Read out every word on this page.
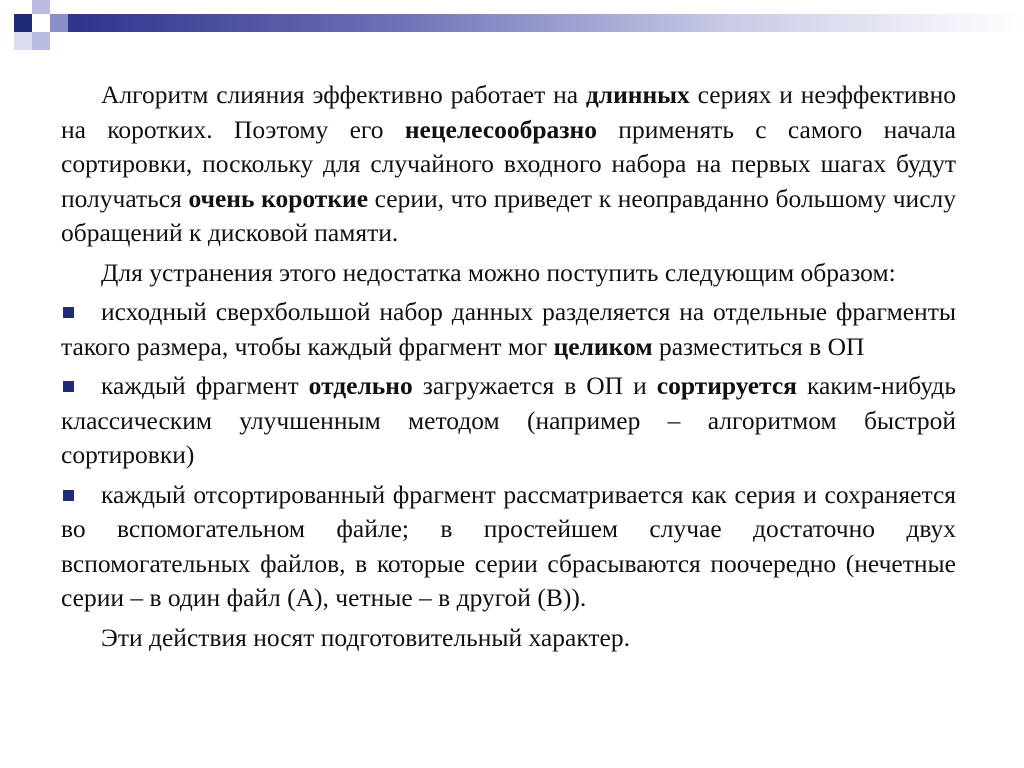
Алгоритм слияния эффективно работает на длинных сериях и неэффективно на коротких. Поэтому его нецелесообразно применять с самого начала сортировки, поскольку для случайного входного набора на первых шагах будут получаться очень короткие серии, что приведет к неоправданно большому числу обращений к дисковой памяти.

Для устранения этого недостатка можно поступить следующим образом:

исходный сверхбольшой набор данных разделяется на отдельные фрагменты такого размера, чтобы каждый фрагмент мог целиком разместиться в ОП

каждый фрагмент отдельно загружается в ОП и сортируется каким-нибудь классическим улучшенным методом (например – алгоритмом быстрой сортировки)

каждый отсортированный фрагмент рассматривается как серия и сохраняется во вспомогательном файле; в простейшем случае достаточно двух вспомогательных файлов, в которые серии сбрасываются поочередно (нечетные серии – в один файл (А), четные – в другой (В)).

Эти действия носят подготовительный характер.
